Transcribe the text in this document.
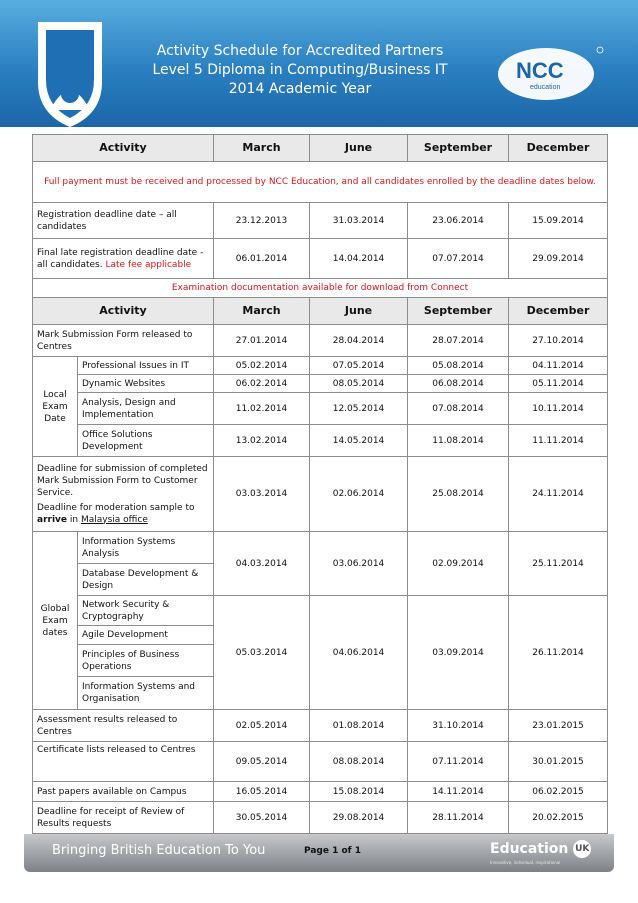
Activity Schedule for Accredited Partners
Level 5 Diploma in Computing/Business IT
2014 Academic Year
NCC
education
Activity		March	June	September	December
Full payment must be received and processed by NCC Education, and all candidates enrolled by the deadline dates below.					
Registration deadline date – all candidates		23.12.2013	31.03.2014	23.06.2014	15.09.2014
Final late registration deadline date - all candidates. Late fee applicable		06.01.2014	14.04.2014	07.07.2014	29.09.2014
Examination documentation available for download from Connect					
Activity		March	June	September	December
Mark Submission Form released to Centres		27.01.2014	28.04.2014	28.07.2014	27.10.2014
Local Exam Date	Professional Issues in IT	05.02.2014	07.05.2014	05.08.2014	04.11.2014
	Dynamic Websites	06.02.2014	08.05.2014	06.08.2014	05.11.2014
	Analysis, Design and Implementation	11.02.2014	12.05.2014	07.08.2014	10.11.2014
	Office Solutions Development	13.02.2014	14.05.2014	11.08.2014	11.11.2014

Deadline for submission of completed Mark Submission Form to Customer Service.
Deadline for moderation sample to arrive in Malaysia office		03.03.2014	02.06.2014	25.08.2014	24.11.2014
Global Exam dates	Information Systems Analysis	04.03.2014	03.06.2014	02.09.2014	25.11.2014
	Database Development & Design				
	Network Security & Cryptography	05.03.2014	04.06.2014	03.09.2014	26.11.2014
	Agile Development				
	Principles of Business Operations				
	Information Systems and Organisation				
Assessment results released to Centres		02.05.2014	01.08.2014	31.10.2014	23.01.2015
Certificate lists released to Centres		09.05.2014	08.08.2014	07.11.2014	30.01.2015
Past papers available on Campus		16.05.2014	15.08.2014	14.11.2014	06.02.2015
Deadline for receipt of Review of Results requests		30.05.2014	29.08.2014	28.11.2014	20.02.2015
Bringing British Education To You	Page 1 of 1	Education UK
Innovative, individual, inspirational
